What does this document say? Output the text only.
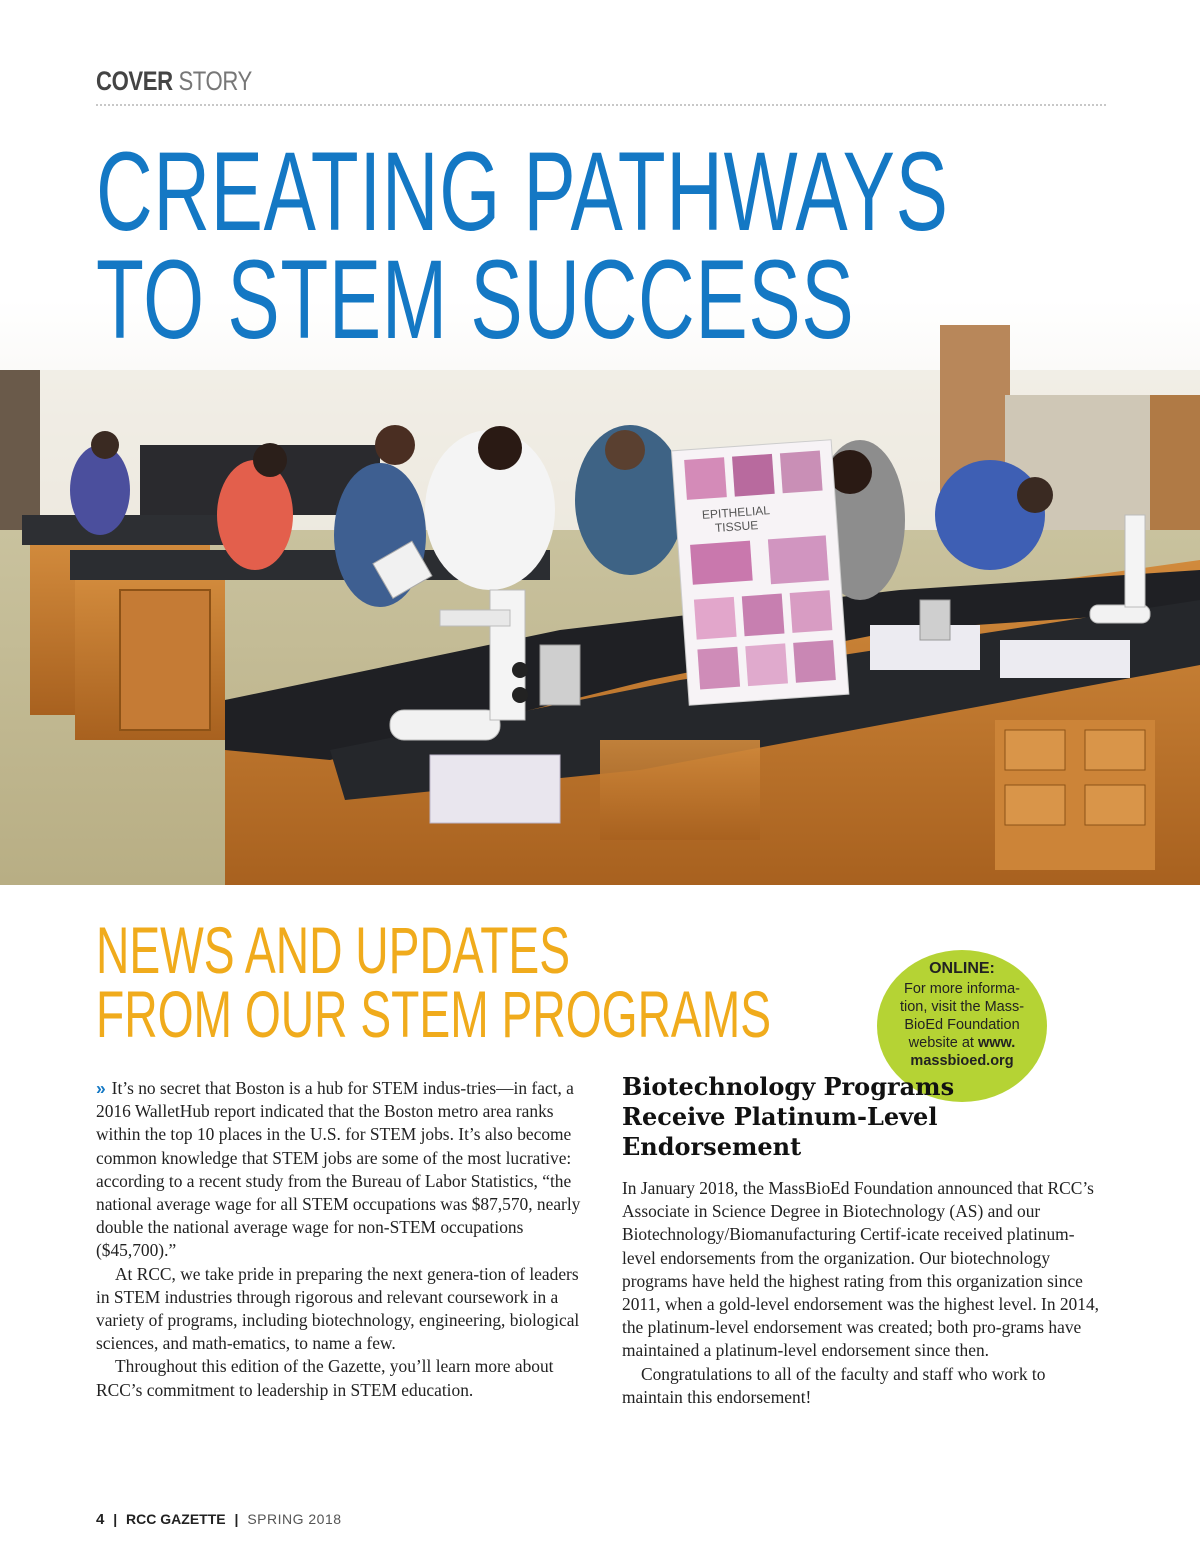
COVER STORY
CREATING PATHWAYS
TO STEM SUCCESS
EPITHELIAL
TISSUE
NEWS AND UPDATES
FROM OUR STEM PROGRAMS
ONLINE:
For more informa-tion, visit the Mass-BioEd Foundation website at www. massbioed.org

» It’s no secret that Boston is a hub for STEM indus-tries—in fact, a 2016 WalletHub report indicated that the Boston metro area ranks within the top 10 places in the U.S. for STEM jobs. It’s also become common knowledge that STEM jobs are some of the most lucrative: according to a recent study from the Bureau of Labor Statistics, “the national average wage for all STEM occupations was $87,570, nearly double the national average wage for non-STEM occupations ($45,700).”

At RCC, we take pride in preparing the next genera-tion of leaders in STEM industries through rigorous and relevant coursework in a variety of programs, including biotechnology, engineering, biological sciences, and math-ematics, to name a few.

Throughout this edition of the Gazette, you’ll learn more about RCC’s commitment to leadership in STEM education.

Biotechnology Programs Receive Platinum-Level Endorsement

In January 2018, the MassBioEd Foundation announced that RCC’s Associate in Science Degree in Biotechnology (AS) and our Biotechnology/Biomanufacturing Certif-icate received platinum-level endorsements from the organization. Our biotechnology programs have held the highest rating from this organization since 2011, when a gold-level endorsement was the highest level. In 2014, the platinum-level endorsement was created; both pro-grams have maintained a platinum-level endorsement since then.

Congratulations to all of the faculty and staff who work to maintain this endorsement!

4 | RCC GAZETTE | SPRING 2018
